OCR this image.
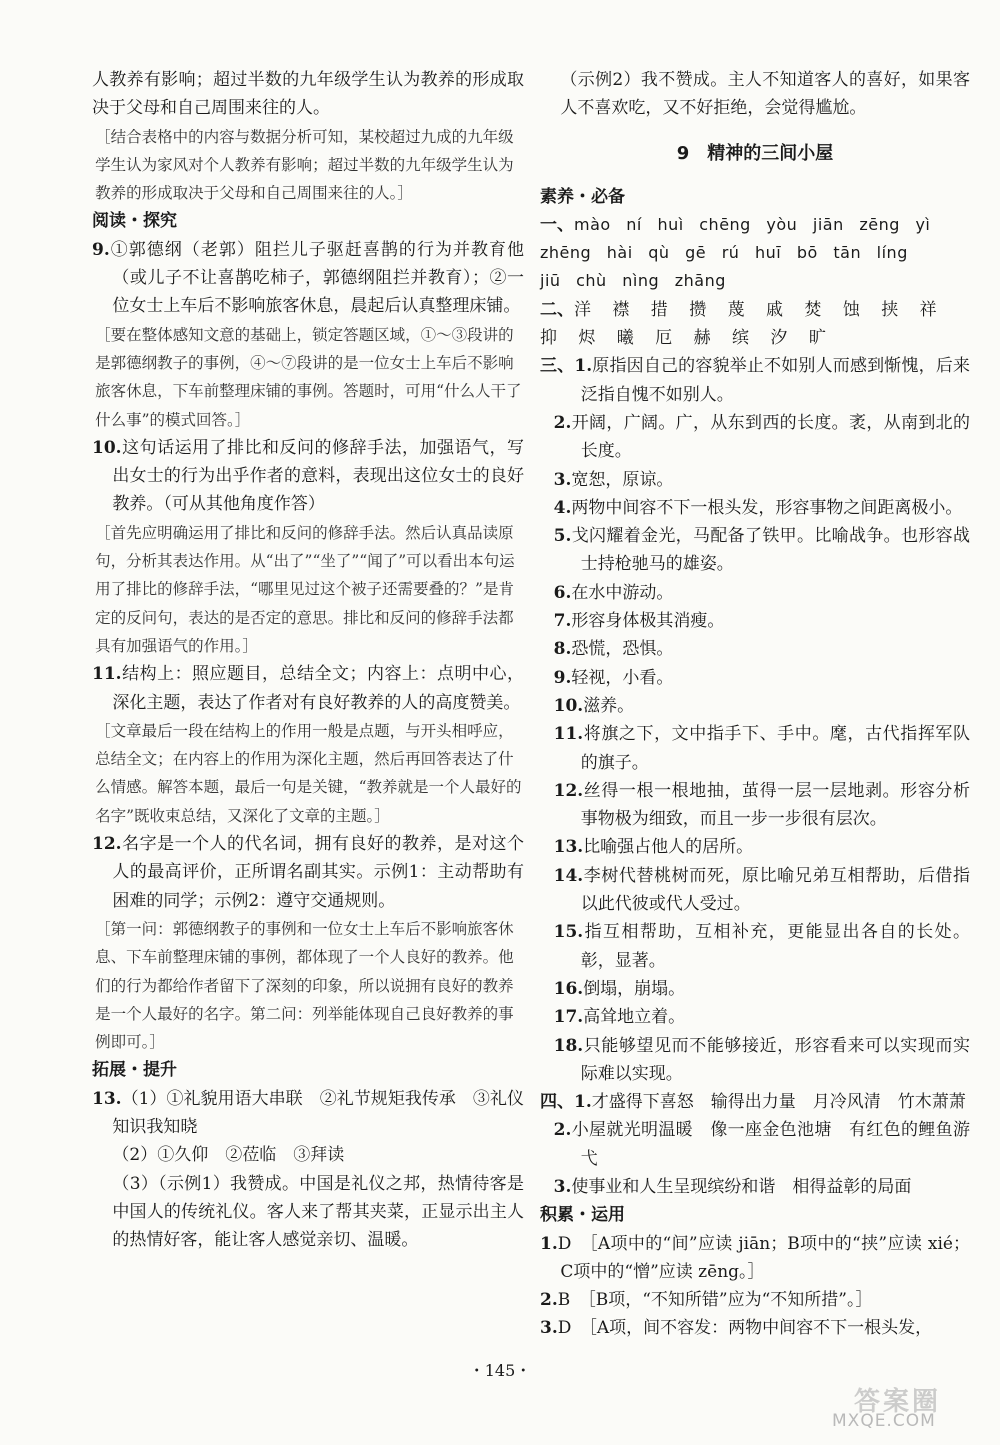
人教养有影响；超过半数的九年级学生认为教养的形成取决于父母和自己周围来往的人。

［结合表格中的内容与数据分析可知，某校超过九成的九年级学生认为家风对个人教养有影响；超过半数的九年级学生认为教养的形成取决于父母和自己周围来往的人。］
阅读・探究

9.①郭德纲（老郭）阻拦儿子驱赶喜鹊的行为并教育他（或儿子不让喜鹊吃柿子，郭德纲阻拦并教育）；②一位女士上车后不影响旅客休息，晨起后认真整理床铺。

［要在整体感知文意的基础上，锁定答题区域，①～③段讲的是郭德纲教子的事例，④～⑦段讲的是一位女士上车后不影响旅客休息，下车前整理床铺的事例。答题时，可用“什么人干了什么事”的模式回答。］

10.这句话运用了排比和反问的修辞手法，加强语气，写出女士的行为出乎作者的意料，表现出这位女士的良好教养。（可从其他角度作答）

［首先应明确运用了排比和反问的修辞手法。然后认真品读原句，分析其表达作用。从“出了”“坐了”“闻了”可以看出本句运用了排比的修辞手法，“哪里见过这个被子还需要叠的？”是肯定的反问句，表达的是否定的意思。排比和反问的修辞手法都具有加强语气的作用。］

11.结构上：照应题目，总结全文；内容上：点明中心，深化主题，表达了作者对有良好教养的人的高度赞美。

［文章最后一段在结构上的作用一般是点题，与开头相呼应，总结全文；在内容上的作用为深化主题，然后再回答表达了什么情感。解答本题，最后一句是关键，“教养就是一个人最好的名字”既收束总结，又深化了文章的主题。］

12.名字是一个人的代名词，拥有良好的教养，是对这个人的最高评价，正所谓名副其实。示例1：主动帮助有困难的同学；示例2：遵守交通规则。

［第一问：郭德纲教子的事例和一位女士上车后不影响旅客休息、下车前整理床铺的事例，都体现了一个人良好的教养。他们的行为都给作者留下了深刻的印象，所以说拥有良好的教养是一个人最好的名字。第二问：列举能体现自己良好教养的事例即可。］
拓展・提升

13.（1）①礼貌用语大串联　②礼节规矩我传承　③礼仪知识我知晓

（2）①久仰　②莅临　③拜读

（3）（示例1）我赞成。中国是礼仪之邦，热情待客是中国人的传统礼仪。客人来了帮其夹菜，正显示出主人的热情好客，能让客人感觉亲切、温暖。

（示例2）我不赞成。主人不知道客人的喜好，如果客人不喜欢吃，又不好拒绝，会觉得尴尬。

9　精神的三间小屋
素养・必备
一、mào ní huì chēng yòu jiān zēng yì
zhēng hài qù gē rú huī bō tān líng
jiū chù nìng zhāng
二、洋 襟 措 攒 蔑 戚 焚 蚀 挟 祥
抑 烬 曦 厄 赫 缤 汐 旷
三、1.原指因自己的容貌举止不如别人而感到惭愧，后来泛指自愧不如别人。
2.开阔，广阔。广，从东到西的长度。袤，从南到北的长度。
3.宽恕，原谅。
4.两物中间容不下一根头发，形容事物之间距离极小。
5.戈闪耀着金光，马配备了铁甲。比喻战争。也形容战士持枪驰马的雄姿。
6.在水中游动。
7.形容身体极其消瘦。
8.恐慌，恐惧。
9.轻视，小看。
10.滋养。
11.将旗之下，文中指手下、手中。麾，古代指挥军队的旗子。
12.丝得一根一根地抽，茧得一层一层地剥。形容分析事物极为细致，而且一步一步很有层次。
13.比喻强占他人的居所。
14.李树代替桃树而死，原比喻兄弟互相帮助，后借指以此代彼或代人受过。
15.指互相帮助，互相补充，更能显出各自的长处。彰，显著。
16.倒塌，崩塌。
17.高耸地立着。
18.只能够望见而不能够接近，形容看来可以实现而实际难以实现。
四、1.才盛得下喜怒　输得出力量　月冷风清　竹木萧萧
2.小屋就光明温暖　像一座金色池塘　有红色的鲤鱼游弋
3.使事业和人生呈现缤纷和谐　相得益彰的局面
积累・运用
1.D　［A项中的“间”应读 jiān；B项中的“挟”应读 xié；C项中的“憎”应读 zēng。］
2.B　［B项，“不知所错”应为“不知所措”。］
3.D　［A项，间不容发：两物中间容不下一根头发，
・145・
答案圈
MXQE.COM
